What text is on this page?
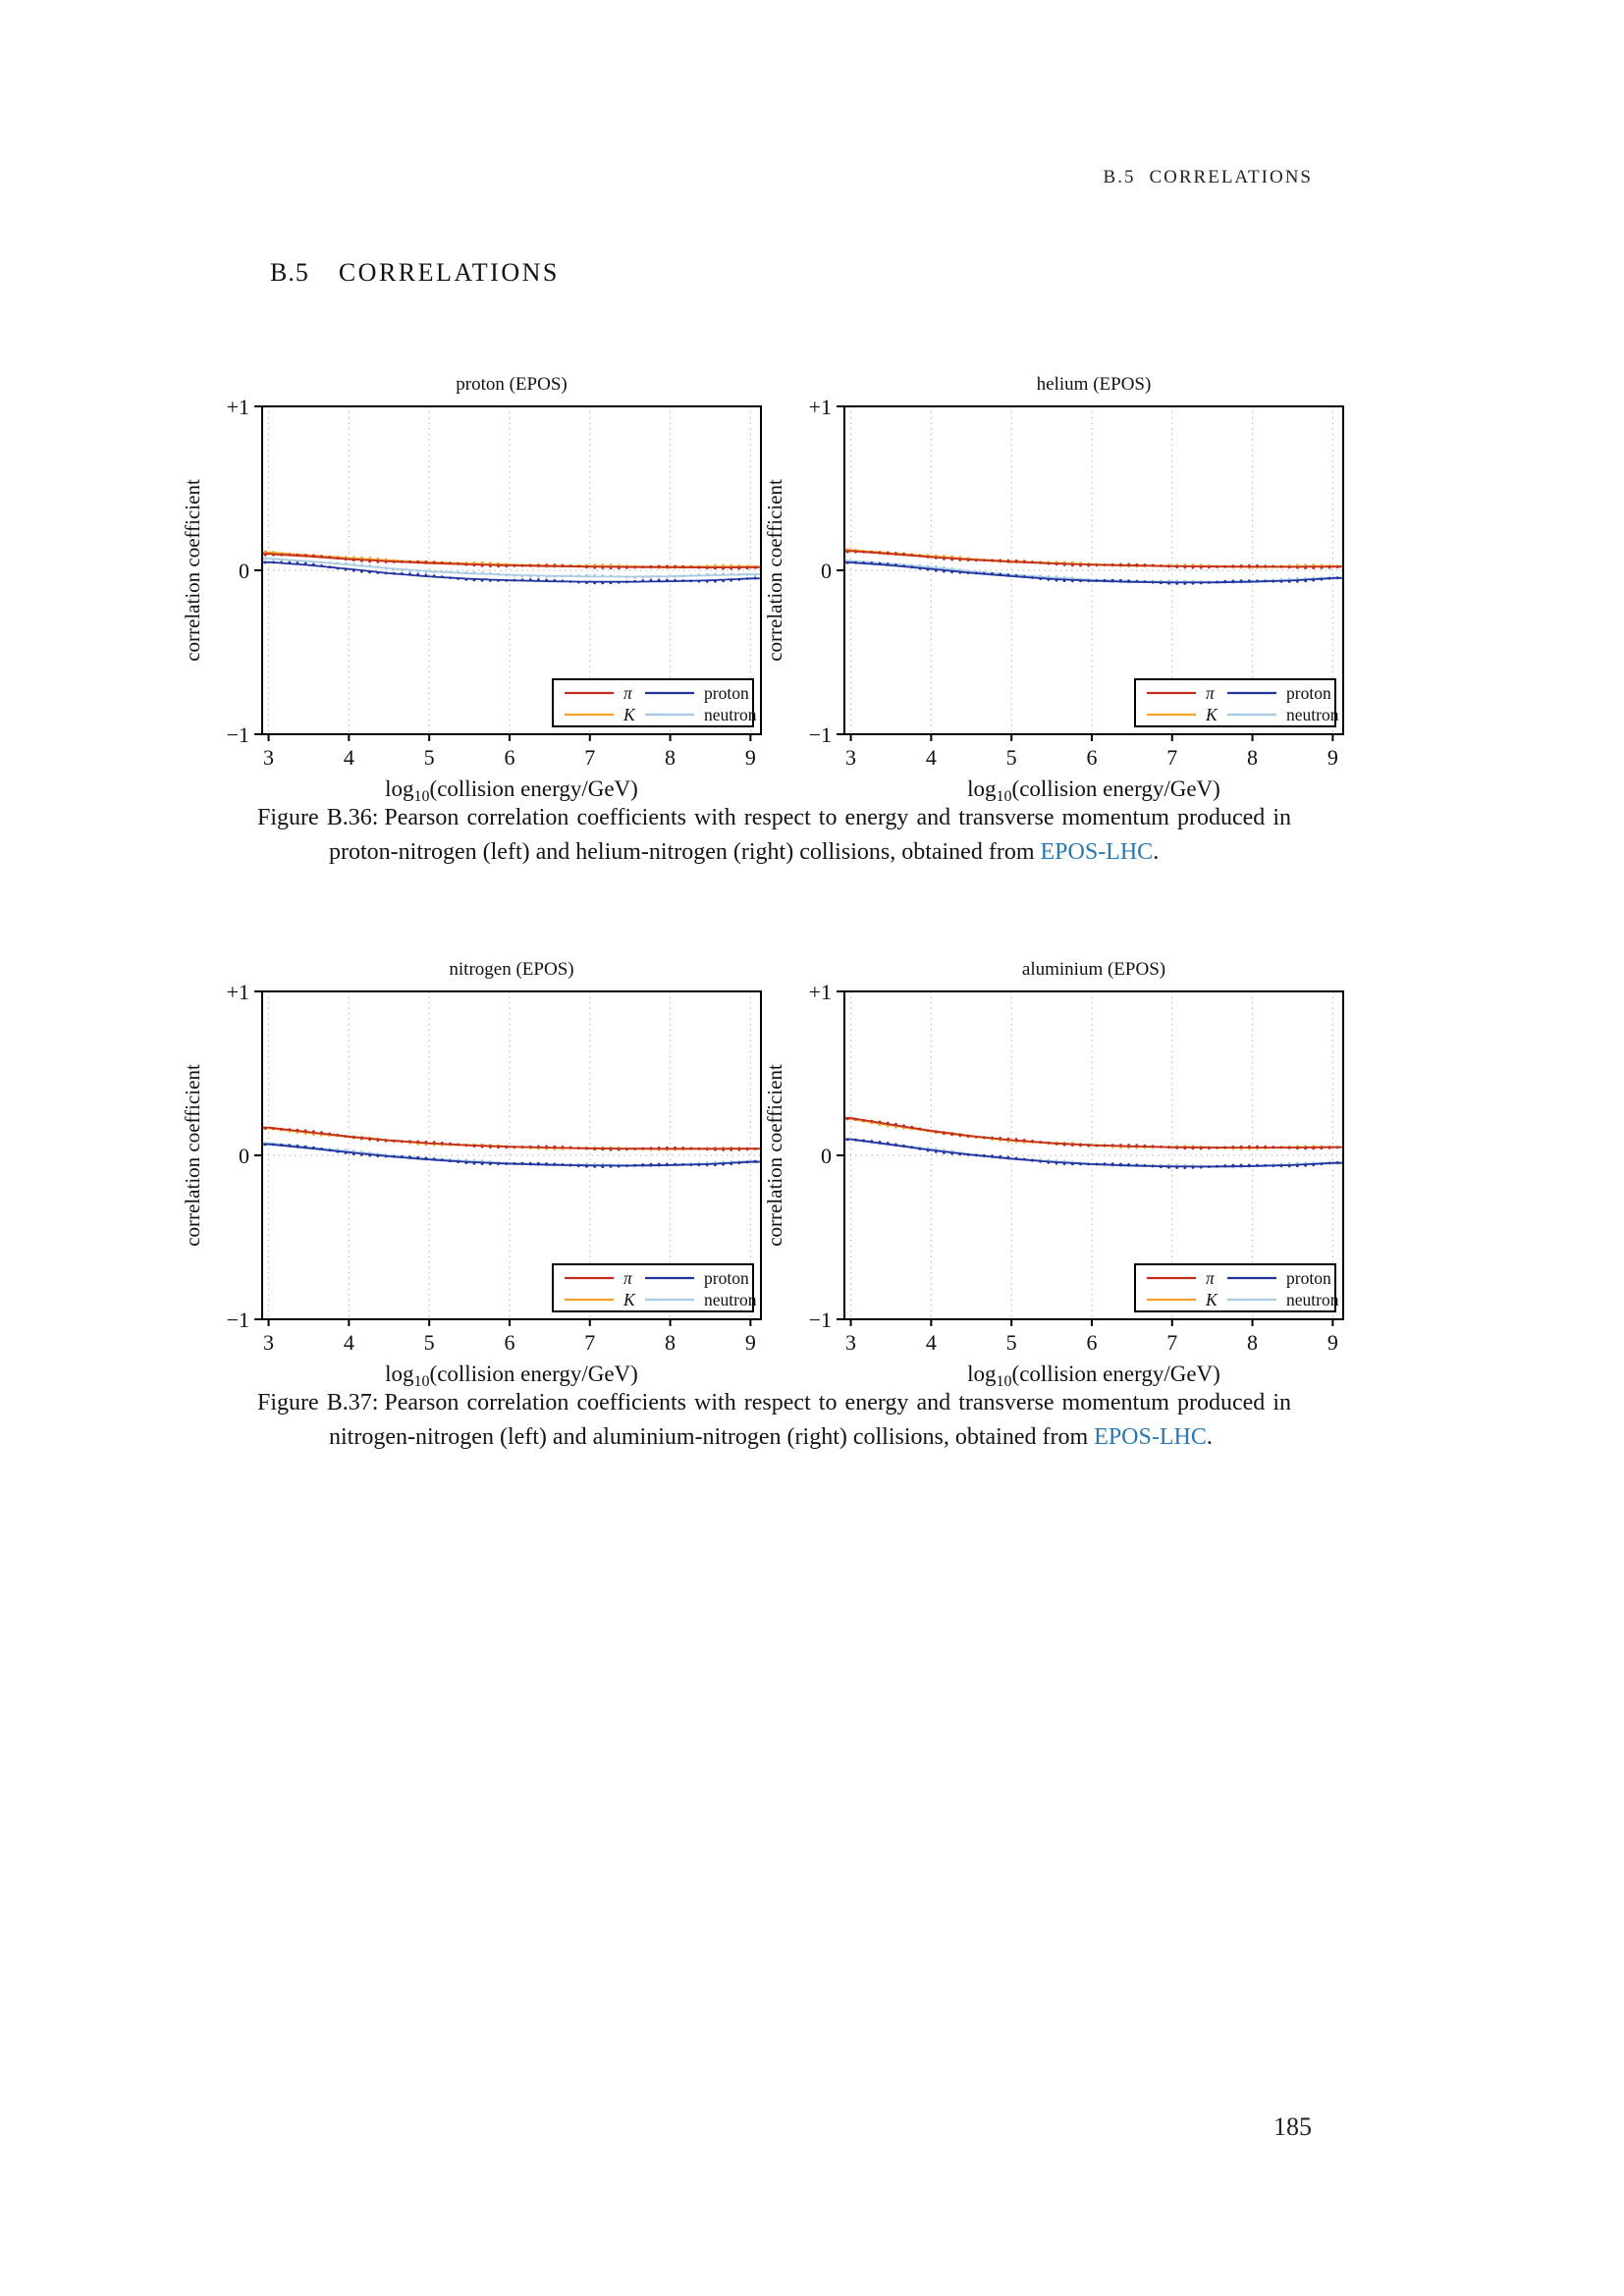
B.5 CORRELATIONS
B.5 CORRELATIONS
+1
0
−1
3	4	5	6	7	8	9
proton (EPOS)
correlation coefficient
$\log_{10}(collision$ energy/GeV)
π
K
proton
neutron
+1
0
−1
3	4	5	6	7	8	9
helium (EPOS)
correlation coefficient
$\log_{10}(collision$ energy/GeV)
π
K
proton
neutron
Figure B.36: Pearson correlation coefficients with respect to energy and transverse momentum produced in proton-nitrogen (left) and helium-nitrogen (right) collisions, obtained from EPOS-LHC.
+1
0
−1
3	4	5	6	7	8	9
nitrogen (EPOS)
correlation coefficient
$\log_{10}(collision$ energy/GeV)
π
K
proton
neutron
+1
0
−1
3	4	5	6	7	8	9
aluminium (EPOS)
correlation coefficient
$\log_{10}(collision$ energy/GeV)
π
K
proton
neutron
Figure B.37: Pearson correlation coefficients with respect to energy and transverse momentum produced in nitrogen-nitrogen (left) and aluminium-nitrogen (right) collisions, obtained from EPOS-LHC.
185
